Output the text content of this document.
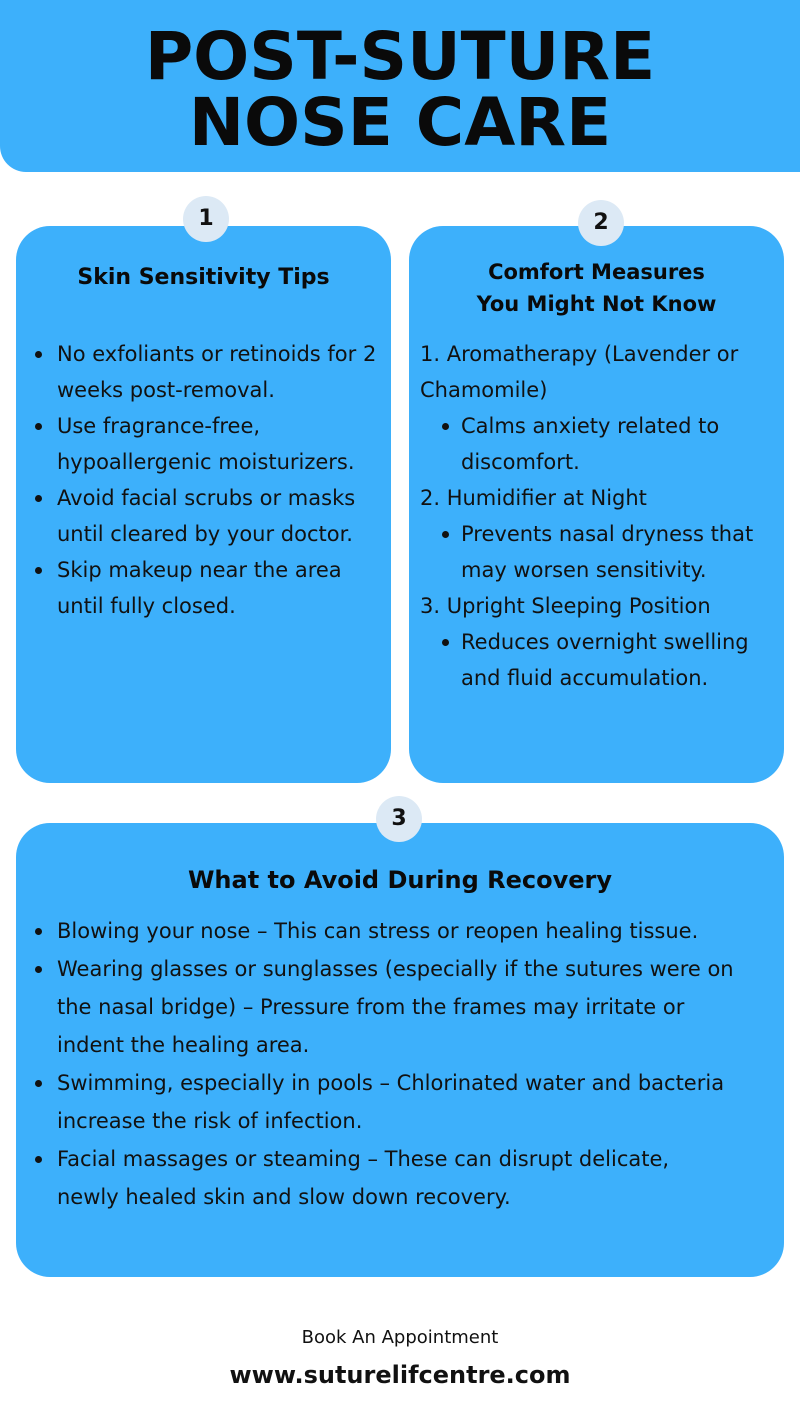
POST-SUTURE
NOSE CARE
Skin Sensitivity Tips
No exfoliants or retinoids for 2 weeks post-removal.
Use fragrance-free, hypoallergenic moisturizers.
Avoid facial scrubs or masks until cleared by your doctor.
Skip makeup near the area until fully closed.
1
Comfort Measures
You Might Not Know
1. Aromatherapy (Lavender or Chamomile)
Calms anxiety related to discomfort.
2. Humidifier at Night
Prevents nasal dryness that may worsen sensitivity.
3. Upright Sleeping Position
Reduces overnight swelling and fluid accumulation.
2
What to Avoid During Recovery
Blowing your nose – This can stress or reopen healing tissue.
Wearing glasses or sunglasses (especially if the sutures were on the nasal bridge) – Pressure from the frames may irritate or indent the healing area.
Swimming, especially in pools – Chlorinated water and bacteria increase the risk of infection.
Facial massages or steaming – These can disrupt delicate, newly healed skin and slow down recovery.
3
Book An Appointment
www.suturelifcentre.com
